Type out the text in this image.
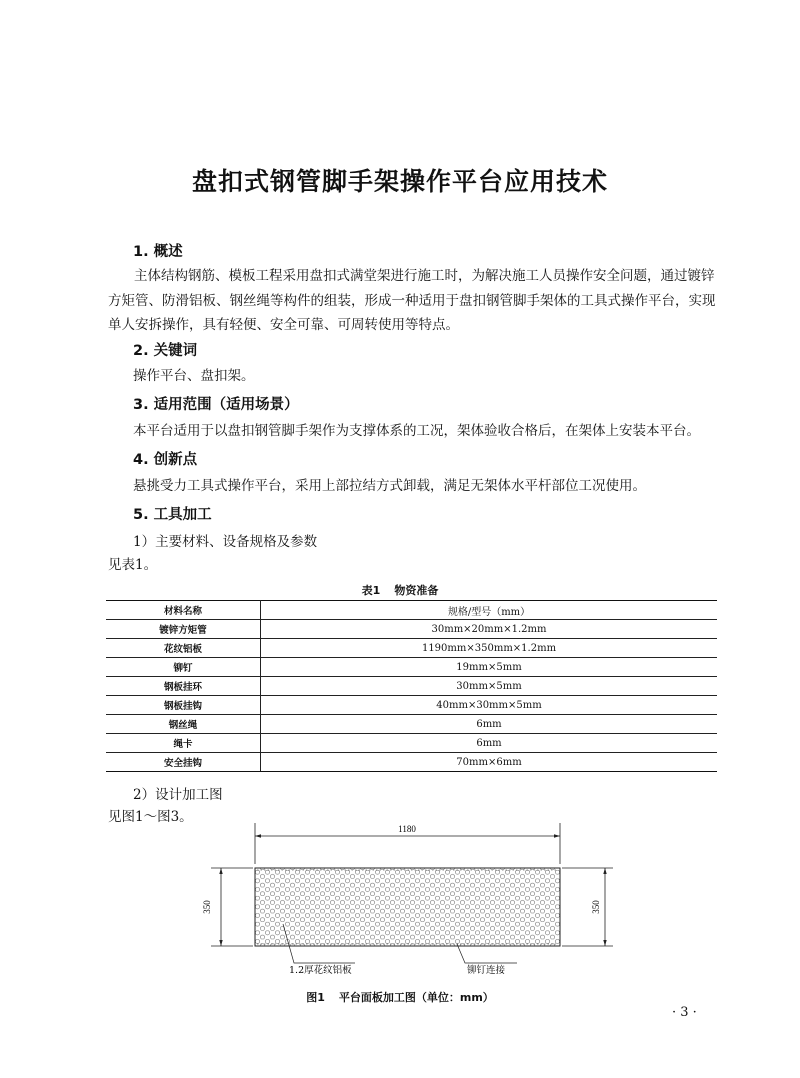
盘扣式钢管脚手架操作平台应用技术
1. 概述
主体结构钢筋、模板工程采用盘扣式满堂架进行施工时，为解决施工人员操作安全问题，通过镀锌方矩管、防滑铝板、钢丝绳等构件的组装，形成一种适用于盘扣钢管脚手架体的工具式操作平台，实现单人安拆操作，具有轻便、安全可靠、可周转使用等特点。
2. 关键词
操作平台、盘扣架。
3. 适用范围（适用场景）
本平台适用于以盘扣钢管脚手架作为支撑体系的工况，架体验收合格后，在架体上安装本平台。
4. 创新点
悬挑受力工具式操作平台，采用上部拉结方式卸载，满足无架体水平杆部位工况使用。
5. 工具加工
1）主要材料、设备规格及参数
见表1。
表1 物资准备
材料名称	规格/型号（mm）
镀锌方矩管	30mm×20mm×1.2mm
花纹铝板	1190mm×350mm×1.2mm
铆钉	19mm×5mm
钢板挂环	30mm×5mm
钢板挂钩	40mm×30mm×5mm
钢丝绳	6mm
绳卡	6mm
安全挂钩	70mm×6mm
2）设计加工图
见图1～图3。
1180
350	350
1.2厚花纹铝板	铆钉连接
图1 平台面板加工图（单位：mm）
· 3 ·
